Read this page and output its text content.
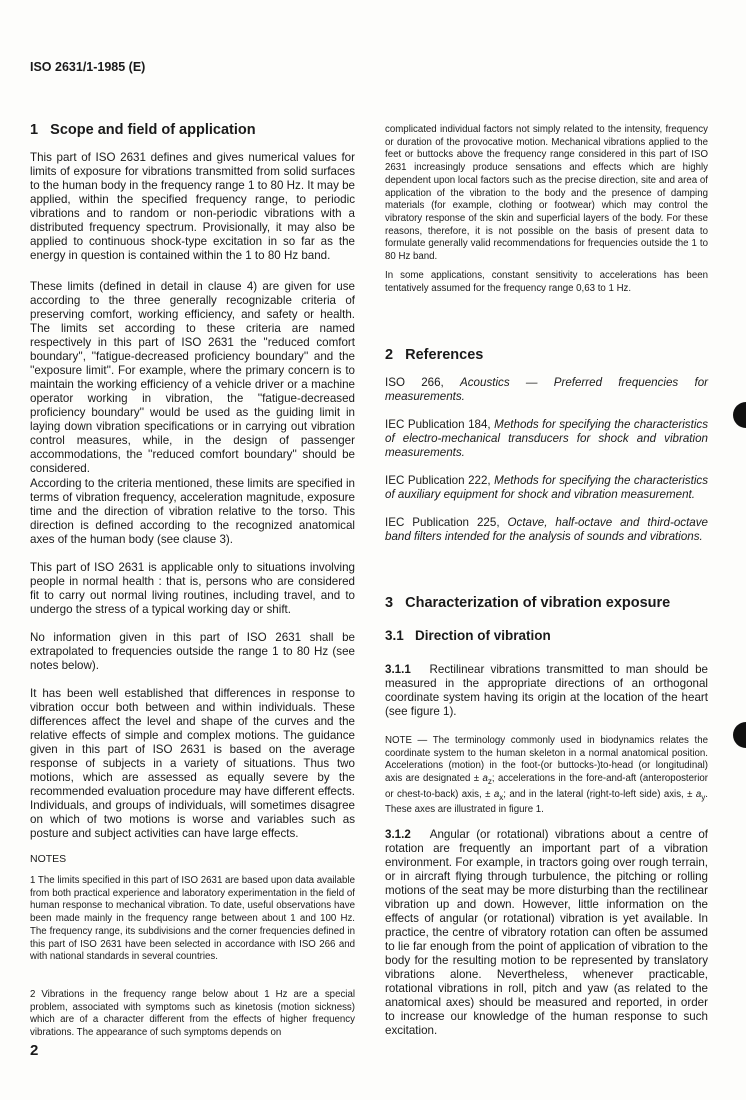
ISO 2631/1-1985 (E)
1   Scope and field of application
This part of ISO 2631 defines and gives numerical values for limits of exposure for vibrations transmitted from solid surfaces to the human body in the frequency range 1 to 80 Hz. It may be applied, within the specified frequency range, to periodic vibrations and to random or non-periodic vibrations with a distributed frequency spectrum. Provisionally, it may also be applied to continuous shock-type excitation in so far as the energy in question is contained within the 1 to 80 Hz band.
These limits (defined in detail in clause 4) are given for use according to the three generally recognizable criteria of preserving comfort, working efficiency, and safety or health. The limits set according to these criteria are named respectively in this part of ISO 2631 the ''reduced comfort boundary'', ''fatigue-decreased proficiency boundary'' and the ''exposure limit''. For example, where the primary concern is to maintain the working efficiency of a vehicle driver or a machine operator working in vibration, the ''fatigue-decreased proficiency boundary'' would be used as the guiding limit in laying down vibration specifications or in carrying out vibration control measures, while, in the design of passenger accommodations, the ''reduced comfort boundary'' should be considered.
According to the criteria mentioned, these limits are specified in terms of vibration frequency, acceleration magnitude, exposure time and the direction of vibration relative to the torso. This direction is defined according to the recognized anatomical axes of the human body (see clause 3).
This part of ISO 2631 is applicable only to situations involving people in normal health : that is, persons who are considered fit to carry out normal living routines, including travel, and to undergo the stress of a typical working day or shift.
No information given in this part of ISO 2631 shall be extrapolated to frequencies outside the range 1 to 80 Hz (see notes below).
It has been well established that differences in response to vibration occur both between and within individuals. These differences affect the level and shape of the curves and the relative effects of simple and complex motions. The guidance given in this part of ISO 2631 is based on the average response of subjects in a variety of situations. Thus two motions, which are assessed as equally severe by the recommended evaluation procedure may have different effects. Individuals, and groups of individuals, will sometimes disagree on which of two motions is worse and variables such as posture and subject activities can have large effects.
NOTES
1 The limits specified in this part of ISO 2631 are based upon data available from both practical experience and laboratory experimentation in the field of human response to mechanical vibration. To date, useful observations have been made mainly in the frequency range between about 1 and 100 Hz. The frequency range, its subdivisions and the corner frequencies defined in this part of ISO 2631 have been selected in accordance with ISO 266 and with national standards in several countries.
2 Vibrations in the frequency range below about 1 Hz are a special problem, associated with symptoms such as kinetosis (motion sickness) which are of a character different from the effects of higher frequency vibrations. The appearance of such symptoms depends on
2
complicated individual factors not simply related to the intensity, frequency or duration of the provocative motion. Mechanical vibrations applied to the feet or buttocks above the frequency range considered in this part of ISO 2631 increasingly produce sensations and effects which are highly dependent upon local factors such as the precise direction, site and area of application of the vibration to the body and the presence of damping materials (for example, clothing or footwear) which may control the vibratory response of the skin and superficial layers of the body. For these reasons, therefore, it is not possible on the basis of present data to formulate generally valid recommendations for frequencies outside the 1 to 80 Hz band.
In some applications, constant sensitivity to accelerations has been tentatively assumed for the frequency range 0,63 to 1 Hz.
2   References
ISO 266, Acoustics — Preferred frequencies for measurements.
IEC Publication 184, Methods for specifying the characteristics of electro-mechanical transducers for shock and vibration measurements.
IEC Publication 222, Methods for specifying the characteristics of auxiliary equipment for shock and vibration measurement.
IEC Publication 225, Octave, half-octave and third-octave band filters intended for the analysis of sounds and vibrations.
3   Characterization of vibration exposure
3.1   Direction of vibration
3.1.1 Rectilinear vibrations transmitted to man should be measured in the appropriate directions of an orthogonal coordinate system having its origin at the location of the heart (see figure 1).
NOTE — The terminology commonly used in biodynamics relates the coordinate system to the human skeleton in a normal anatomical position. Accelerations (motion) in the foot-(or buttocks-)to-head (or longitudinal) axis are designated ± $a_z$; accelerations in the fore-and-aft (anteroposterior or chest-to-back) axis, ± $a_x$; and in the lateral (right-to-left side) axis, ± $a_y$. These axes are illustrated in figure 1.
3.1.2 Angular (or rotational) vibrations about a centre of rotation are frequently an important part of a vibration environment. For example, in tractors going over rough terrain, or in aircraft flying through turbulence, the pitching or rolling motions of the seat may be more disturbing than the rectilinear vibration up and down. However, little information on the effects of angular (or rotational) vibration is yet available. In practice, the centre of vibratory rotation can often be assumed to lie far enough from the point of application of vibration to the body for the resulting motion to be represented by translatory vibrations alone. Nevertheless, whenever practicable, rotational vibrations in roll, pitch and yaw (as related to the anatomical axes) should be measured and reported, in order to increase our knowledge of the human response to such excitation.
